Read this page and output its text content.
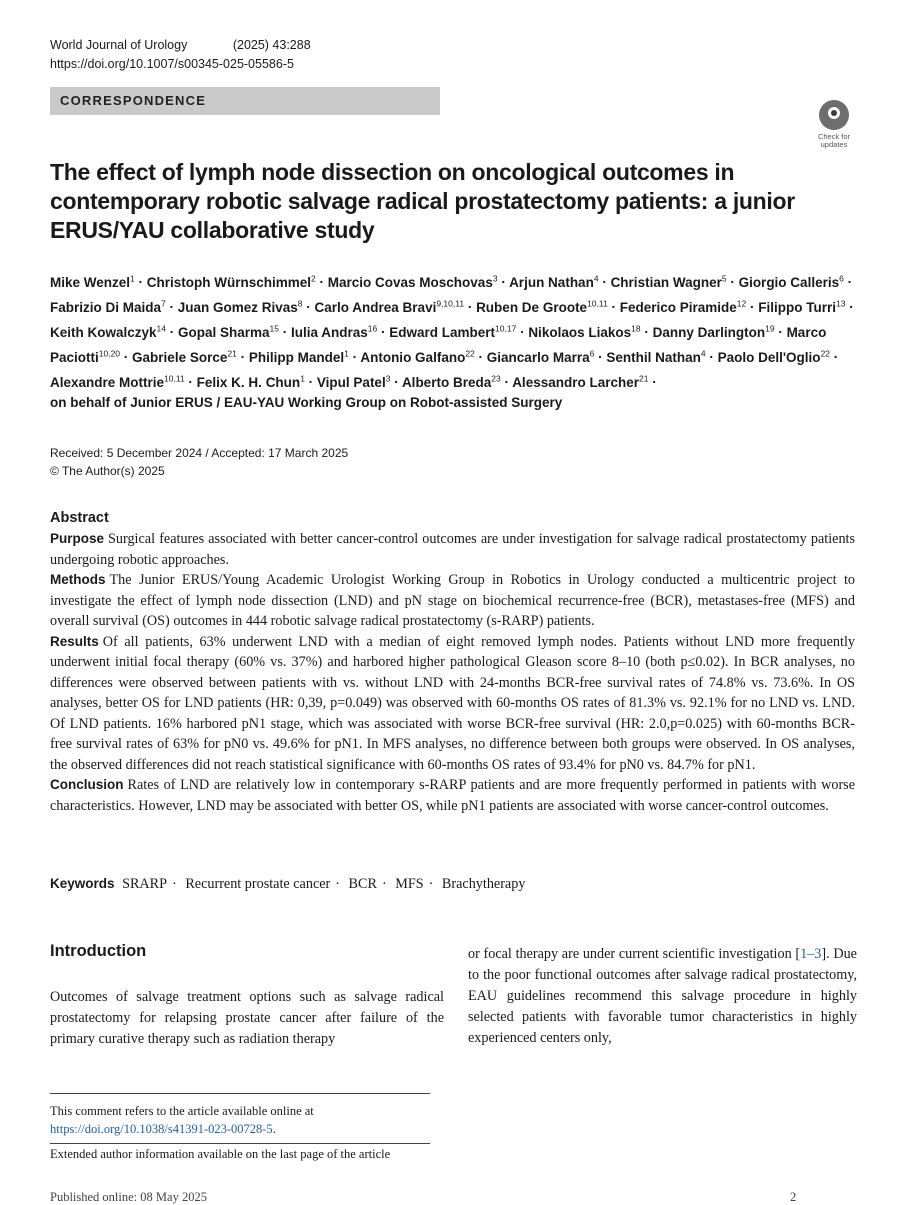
World Journal of Urology	(2025) 43:288
https://doi.org/10.1007/s00345-025-05586-5
CORRESPONDENCE
Check for
updates
The effect of lymph node dissection on oncological outcomes in contemporary robotic salvage radical prostatectomy patients: a junior ERUS/YAU collaborative study
Mike Wenzel$^1$ · Christoph Würnschimmel$^2$ · Marcio Covas Moschovas$^3$ · Arjun Nathan$^4$ · Christian Wagner$^5$ · Giorgio Calleris$^6$ · Fabrizio Di Maida$^7$ · Juan Gomez Rivas$^8$ · Carlo Andrea Bravi$^{9,10,11}$ · Ruben De Groote$^{10,11}$ · Federico Piramide$^{12}$ · Filippo Turri$^{13}$ · Keith Kowalczyk$^{14}$ · Gopal Sharma$^{15}$ · Iulia Andras$^{16}$ · Edward Lambert$^{10,17}$ · Nikolaos Liakos$^{18}$ · Danny Darlington$^{19}$ · Marco Paciotti$^{10,20}$ · Gabriele Sorce$^{21}$ · Philipp Mandel$^1$ · Antonio Galfano$^{22}$ · Giancarlo Marra$^6$ · Senthil Nathan$^4$ · Paolo Dell'Oglio$^{22}$ · Alexandre Mottrie$^{10,11}$ · Felix K. H. Chun$^1$ · Vipul Patel$^3$ · Alberto Breda$^{23}$ · Alessandro Larcher$^{21}$ ·
on behalf of Junior ERUS / EAU-YAU Working Group on Robot-assisted Surgery
Received: 5 December 2024 / Accepted: 17 March 2025
© The Author(s) 2025
Abstract

Purpose Surgical features associated with better cancer-control outcomes are under investigation for salvage radical prostatectomy patients undergoing robotic approaches.

Methods The Junior ERUS/Young Academic Urologist Working Group in Robotics in Urology conducted a multicentric project to investigate the effect of lymph node dissection (LND) and pN stage on biochemical recurrence-free (BCR), metastases-free (MFS) and overall survival (OS) outcomes in 444 robotic salvage radical prostatectomy (s-RARP) patients.

Results Of all patients, 63% underwent LND with a median of eight removed lymph nodes. Patients without LND more frequently underwent initial focal therapy (60% vs. 37%) and harbored higher pathological Gleason score 8–10 (both p≤0.02). In BCR analyses, no differences were observed between patients with vs. without LND with 24-months BCR-free survival rates of 74.8% vs. 73.6%. In OS analyses, better OS for LND patients (HR: 0,39, p=0.049) was observed with 60-months OS rates of 81.3% vs. 92.1% for no LND vs. LND. Of LND patients. 16% harbored pN1 stage, which was associated with worse BCR-free survival (HR: 2.0,p=0.025) with 60-months BCR-free survival rates of 63% for pN0 vs. 49.6% for pN1. In MFS analyses, no difference between both groups were observed. In OS analyses, the observed differences did not reach statistical significance with 60-months OS rates of 93.4% for pN0 vs. 84.7% for pN1.

Conclusion Rates of LND are relatively low in contemporary s-RARP patients and are more frequently performed in patients with worse characteristics. However, LND may be associated with better OS, while pN1 patients are associated with worse cancer-control outcomes.

Keywords SRARP · Recurrent prostate cancer · BCR · MFS · Brachytherapy
Introduction

Outcomes of salvage treatment options such as salvage radical prostatectomy for relapsing prostate cancer after failure of the primary curative therapy such as radiation therapy

or focal therapy are under current scientific investigation [1–3]. Due to the poor functional outcomes after salvage radical prostatectomy, EAU guidelines recommend this salvage procedure in highly selected patients with favorable tumor characteristics in highly experienced centers only,

This comment refers to the article available online at https://doi.org/10.1038/s41391-023-00728-5.
Extended author information available on the last page of the article
Published online: 08 May 2025	2
